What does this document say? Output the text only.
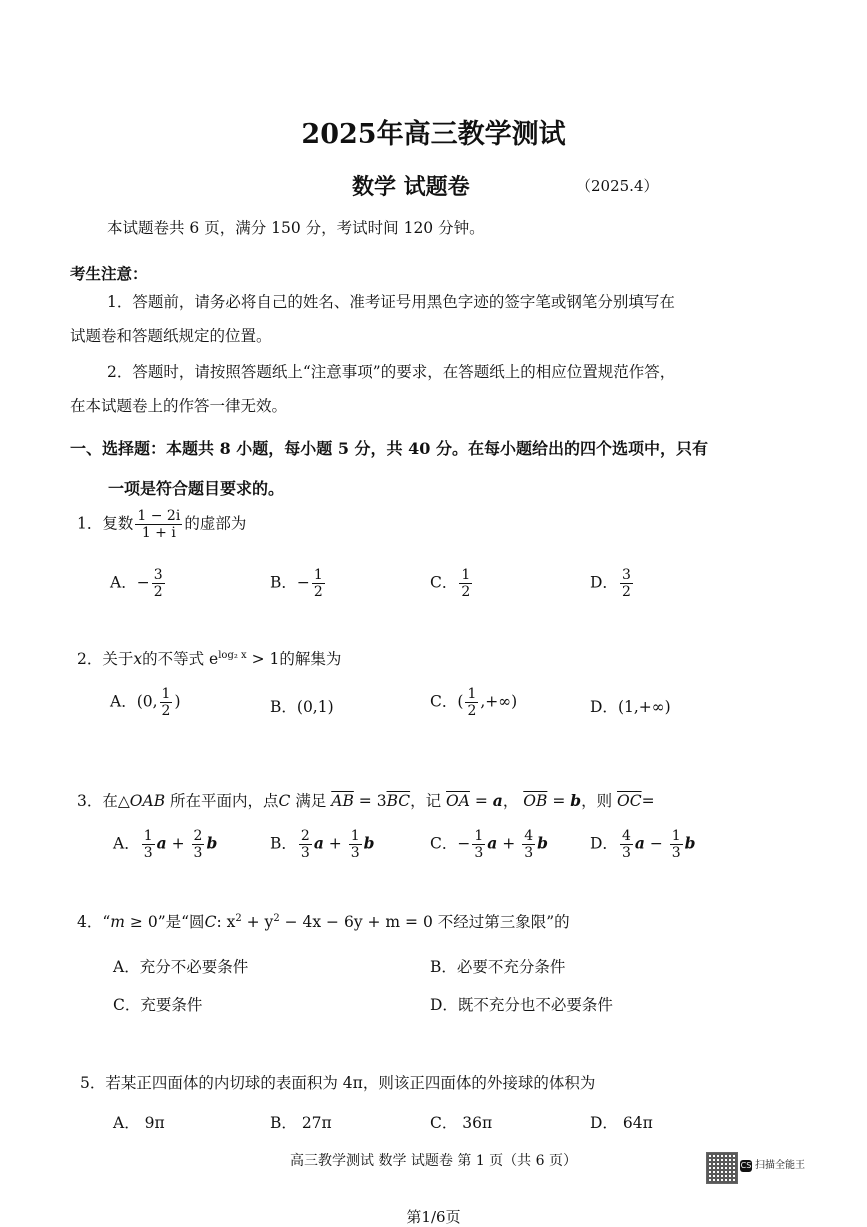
2025年高三教学测试
数学 试题卷	（2025.4）
本试题卷共 6 页，满分 150 分，考试时间 120 分钟。
考生注意：
1．答题前，请务必将自己的姓名、准考证号用黑色字迹的签字笔或钢笔分别填写在
试题卷和答题纸规定的位置。
2．答题时，请按照答题纸上“注意事项”的要求，在答题纸上的相应位置规范作答，
在本试题卷上的作答一律无效。
一、选择题：本题共 8 小题，每小题 5 分，共 40 分。在每小题给出的四个选项中，只有
一项是符合题目要求的。
1．复数 $\frac{1 - 2i}{1 + i}$ 的虚部为
A．− $\frac{3}{2}$	B．− $\frac{1}{2}$	C． $\frac{1}{2}$	D． $\frac{3}{2}$
2．关于x的不等式 $e^{log_2 x} > 1$的解集为
A．(0, $\frac{1}{2}$ )	B．(0,1)	C．( $\frac{1}{2}$ ,+∞)	D．(1,+∞)
3．在△OAB 所在平面内，点C 满足 $\overline{AB} = 3\overline{BC}$，记 $\overline{OA} = a$， $\overline{OB} = b$，则 $\overline{OC}=$
A． $\frac{1}{3}$ $a + \frac{2}{3}$ b	B． $\frac{2}{3}$ $a + \frac{1}{3}$ b	C．− $\frac{1}{3}$ $a + \frac{4}{3}$ b	D． $\frac{4}{3}$ $a - \frac{1}{3}$ b
4．“m ≥ 0”是“圆C: $x^2 + y^2 - 4x - 6y + m = 0$ 不经过第三象限”的
A．充分不必要条件	B．必要不充分条件
C．充要条件	D．既不充分也不必要条件
5．若某正四面体的内切球的表面积为 4π，则该正四面体的外接球的体积为
A． 9π	B． 27π	C． 36π	D． 64π
高三教学测试 数学 试题卷 第 1 页（共 6 页）	CS 扫描全能王
第1/6页
